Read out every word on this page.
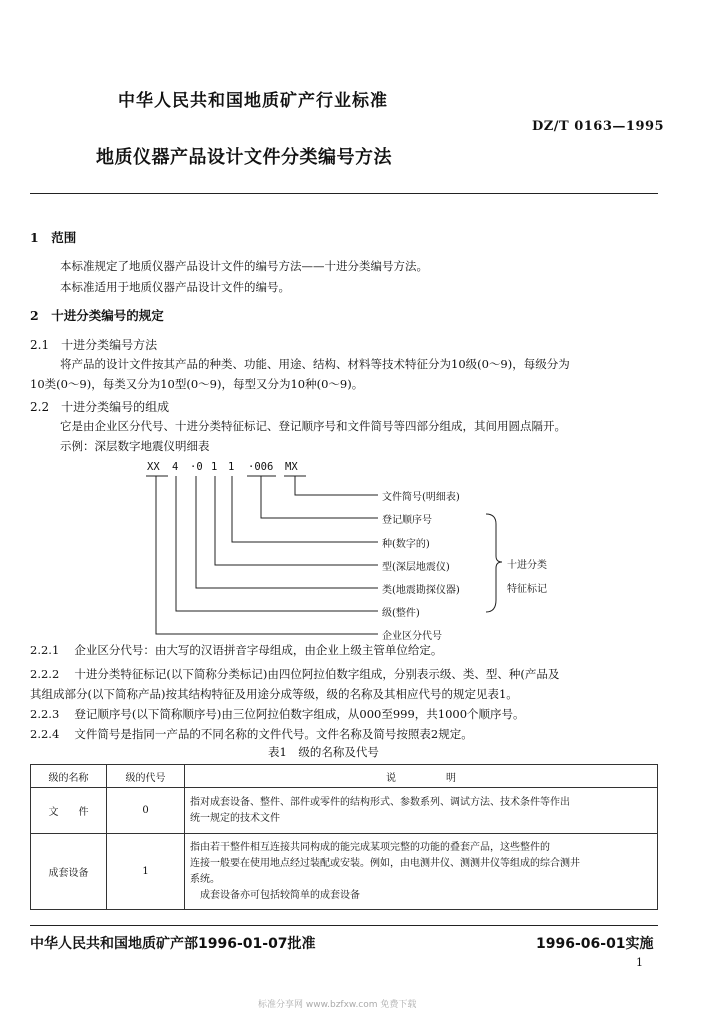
中华人民共和国地质矿产行业标准
DZ/T 0163—1995
地质仪器产品设计文件分类编号方法
1　范围
本标准规定了地质仪器产品设计文件的编号方法——十进分类编号方法。
本标准适用于地质仪器产品设计文件的编号。
2　十进分类编号的规定
2.1　十进分类编号方法
将产品的设计文件按其产品的种类、功能、用途、结构、材料等技术特征分为10级(0～9)，每级分为
10类(0～9)，每类又分为10型(0～9)，每型又分为10种(0～9)。
2.2　十进分类编号的组成
它是由企业区分代号、十进分类特征标记、登记顺序号和文件简号等四部分组成，其间用圆点隔开。
示例：深层数字地震仪明细表
XX 4 ·0 1 1 ·006 MX
文件简号(明细表)
登记顺序号
种(数字的)
型(深层地震仪)
类(地震勘探仪器)
级(整件)
企业区分代号
十进分类
特征标记
2.2.1　 企业区分代号：由大写的汉语拼音字母组成，由企业上级主管单位给定。
2.2.2　 十进分类特征标记(以下简称分类标记)由四位阿拉伯数字组成，分别表示级、类、型、种(产品及
其组成部分(以下简称产品)按其结构特征及用途分成等级，级的名称及其相应代号的规定见表1。
2.2.3　 登记顺序号(以下简称顺序号)由三位阿拉伯数字组成，从000至999，共1000个顺序号。
2.2.4　 文件简号是指同一产品的不同名称的文件代号。文件名称及简号按照表2规定。
表1　级的名称及代号
级的名称	级的代号	说　　　　　明
文　　件	0	指对成套设备、整件、部件或零件的结构形式、参数系列、调试方法、技术条件等作出
统一规定的技术文件

成套设备	1	指由若干整件相互连接共同构成的能完成某项完整的功能的叠套产品，这些整件的
连接一般要在使用地点经过装配或安装。例如，由电测井仪、测测井仪等组成的综合测井
系统。
　成套设备亦可包括较简单的成套设备
中华人民共和国地质矿产部1996-01-07批准	1996-06-01实施
1
标准分享网 www.bzfxw.com 免费下载
